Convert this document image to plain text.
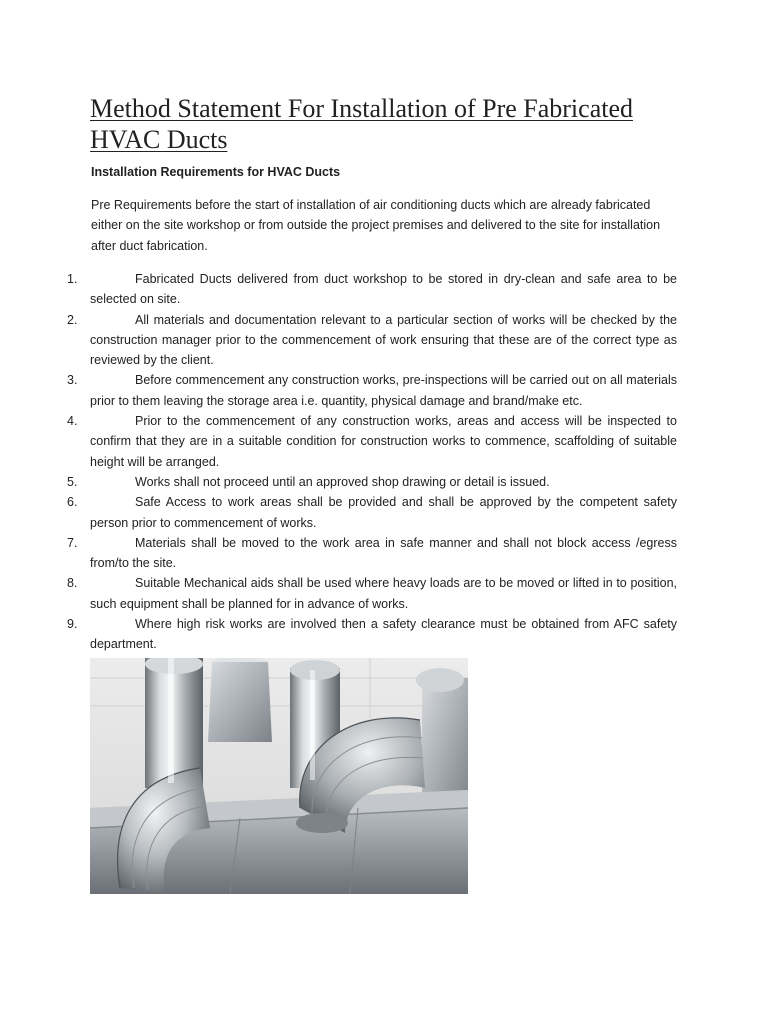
Method Statement For Installation of Pre Fabricated HVAC Ducts
Installation Requirements for HVAC Ducts

Pre Requirements before the start of installation of air conditioning ducts which are already fabricated either on the site workshop or from outside the project premises and delivered to the site for installation after duct fabrication.

1.	Fabricated Ducts delivered from duct workshop to be stored in dry-clean and safe area to be selected on site.
2.	All materials and documentation relevant to a particular section of works will be checked by the construction manager prior to the commencement of work ensuring that these are of the correct type as reviewed by the client.
3.	Before commencement any construction works, pre-inspections will be carried out on all materials prior to them leaving the storage area i.e. quantity, physical damage and brand/make etc.
4.	Prior to the commencement of any construction works, areas and access will be inspected to confirm that they are in a suitable condition for construction works to commence, scaffolding of suitable height will be arranged.
5.	Works shall not proceed until an approved shop drawing or detail is issued.
6.	Safe Access to work areas shall be provided and shall be approved by the competent safety person prior to commencement of works.
7.	Materials shall be moved to the work area in safe manner and shall not block access /egress from/to the site.
8.	Suitable Mechanical aids shall be used where heavy loads are to be moved or lifted in to position, such equipment shall be planned for in advance of works.
9.	Where high risk works are involved then a safety clearance must be obtained from AFC safety department.
